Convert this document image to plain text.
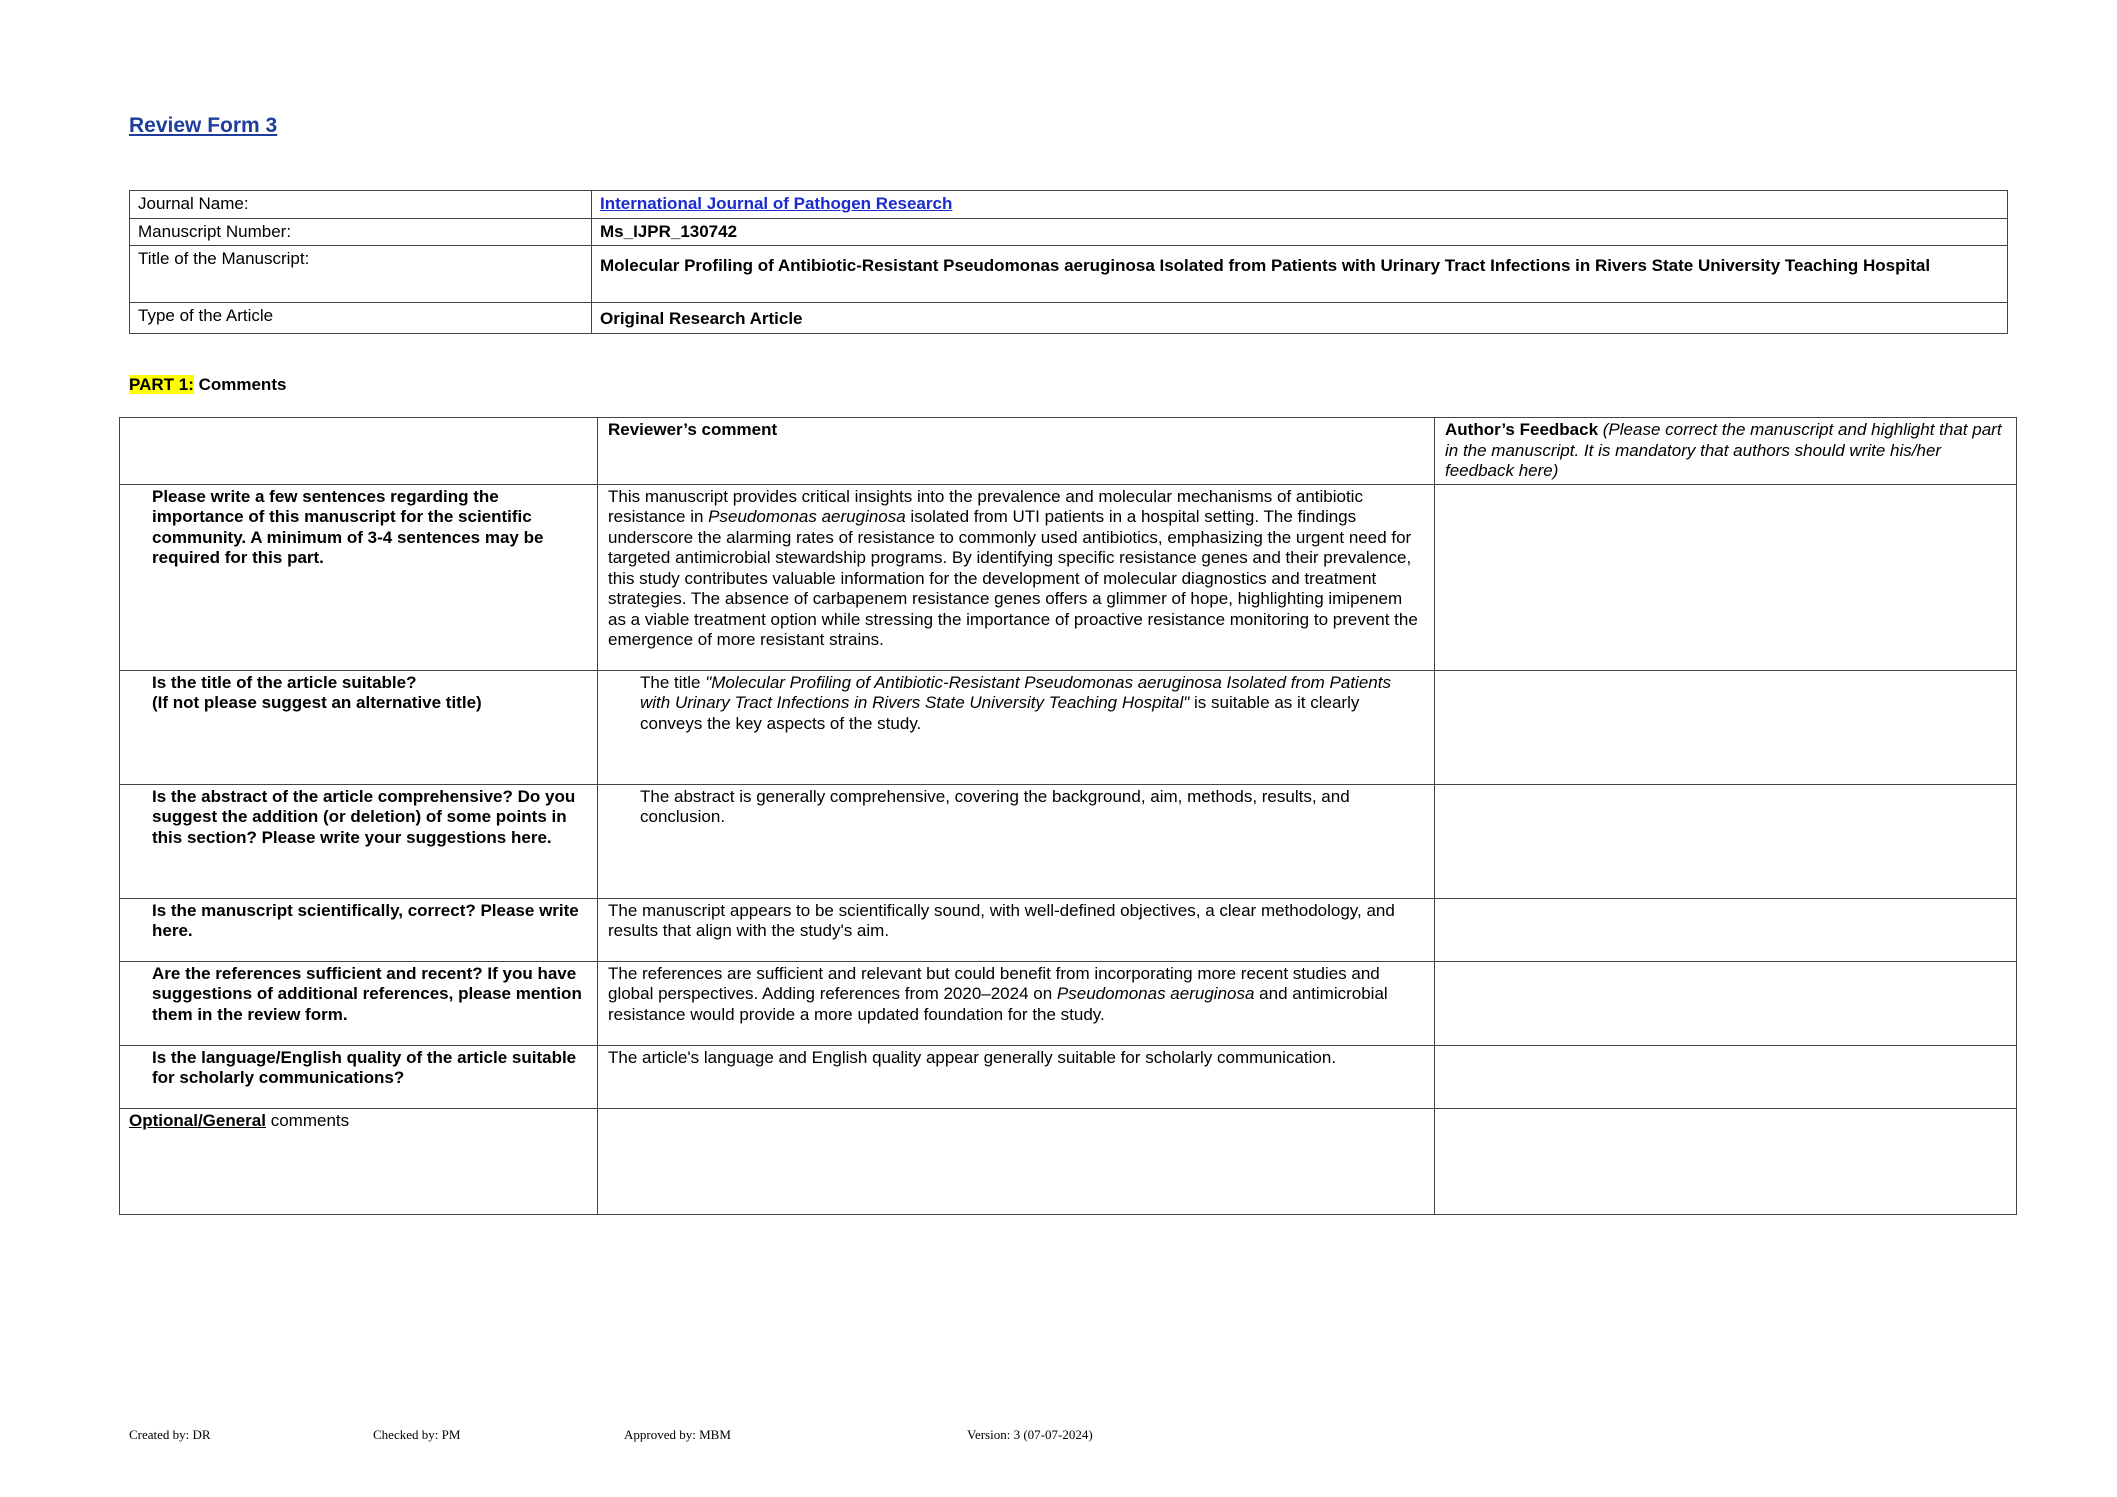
Review Form 3
Journal Name:	International Journal of Pathogen Research
Manuscript Number:	Ms_IJPR_130742
Title of the Manuscript:	Molecular Profiling of Antibiotic-Resistant Pseudomonas aeruginosa Isolated from Patients with Urinary Tract Infections in Rivers State University Teaching Hospital
Type of the Article	Original Research Article
PART 1: Comments
	Reviewer’s comment	Author’s Feedback (Please correct the manuscript and highlight that part in the manuscript. It is mandatory that authors should write his/her feedback here)
Please write a few sentences regarding the importance of this manuscript for the scientific community. A minimum of 3-4 sentences may be required for this part.	This manuscript provides critical insights into the prevalence and molecular mechanisms of antibiotic resistance in Pseudomonas aeruginosa isolated from UTI patients in a hospital setting. The findings underscore the alarming rates of resistance to commonly used antibiotics, emphasizing the urgent need for targeted antimicrobial stewardship programs. By identifying specific resistance genes and their prevalence, this study contributes valuable information for the development of molecular diagnostics and treatment strategies. The absence of carbapenem resistance genes offers a glimmer of hope, highlighting imipenem as a viable treatment option while stressing the importance of proactive resistance monitoring to prevent the emergence of more resistant strains.	
Is the title of the article suitable?
(If not please suggest an alternative title)	The title "Molecular Profiling of Antibiotic-Resistant Pseudomonas aeruginosa Isolated from Patients with Urinary Tract Infections in Rivers State University Teaching Hospital" is suitable as it clearly conveys the key aspects of the study.	
Is the abstract of the article comprehensive? Do you suggest the addition (or deletion) of some points in this section? Please write your suggestions here.	The abstract is generally comprehensive, covering the background, aim, methods, results, and conclusion.	
Is the manuscript scientifically, correct? Please write here.	The manuscript appears to be scientifically sound, with well-defined objectives, a clear methodology, and results that align with the study's aim.	
Are the references sufficient and recent? If you have suggestions of additional references, please mention them in the review form.	The references are sufficient and relevant but could benefit from incorporating more recent studies and global perspectives. Adding references from 2020–2024 on Pseudomonas aeruginosa and antimicrobial resistance would provide a more updated foundation for the study.	
Is the language/English quality of the article suitable for scholarly communications?	The article's language and English quality appear generally suitable for scholarly communication.	
Optional/General comments		
Created by: DR	Checked by: PM	Approved by: MBM	Version: 3 (07-07-2024)
